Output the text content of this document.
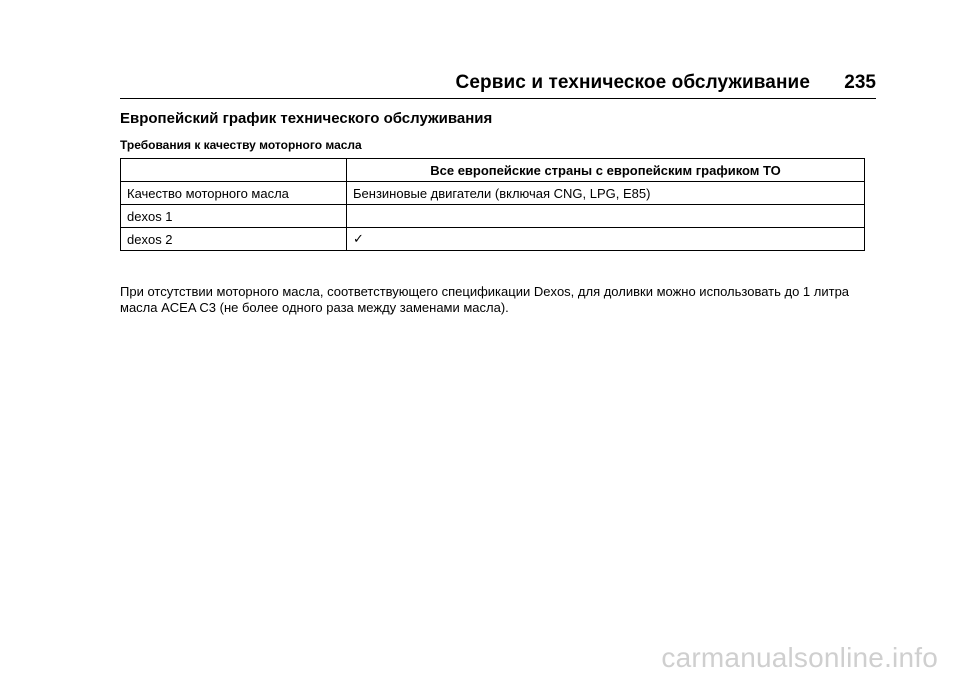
Сервис и техническое обслуживание 235
Европейский график технического обслуживания
Требования к качеству моторного масла
	Все европейские страны с европейским графиком ТО
Качество моторного масла	Бензиновые двигатели (включая CNG, LPG, E85)
dexos 1	
dexos 2	✓
При отсутствии моторного масла, соответствующего спецификации Dexos, для доливки можно использовать до 1 литра масла ACEA C3 (не более одного раза между заменами масла).
carmanualsonline.info
